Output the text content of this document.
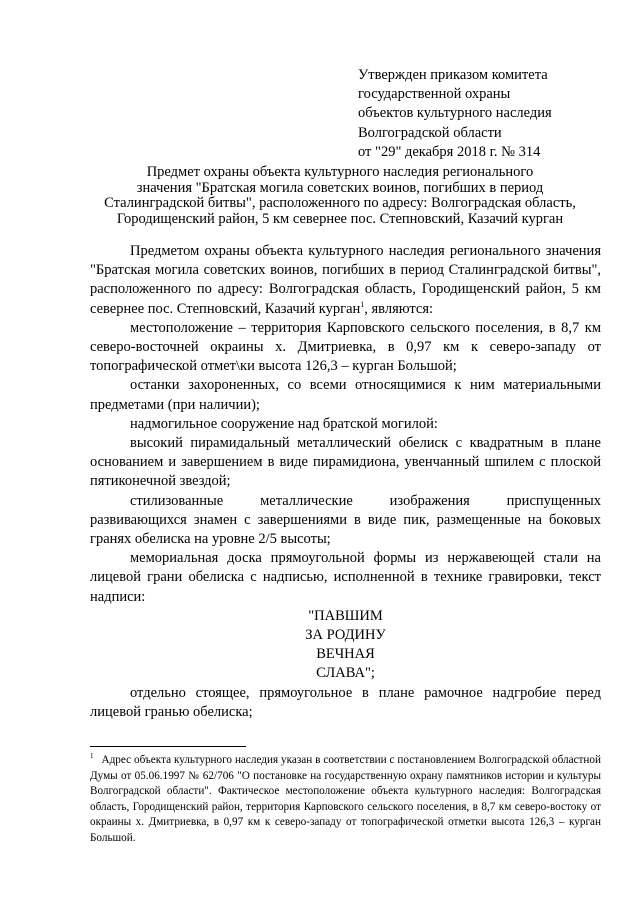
Утвержден приказом комитета
государственной охраны
объектов культурного наследия
Волгоградской области
от "29" декабря 2018 г. № 314
Предмет охраны объекта культурного наследия регионального
значения "Братская могила советских воинов, погибших в период
Сталинградской битвы", расположенного по адресу: Волгоградская область,
Городищенский район, 5 км севернее пос. Степновский, Казачий курган

Предметом охраны объекта культурного наследия регионального значения "Братская могила советских воинов, погибших в период Сталинградской битвы", расположенного по адресу: Волгоградская область, Городищенский район, 5 км севернее пос. Степновский, Казачий курган$^1$, являются:

местоположение – территория Карповского сельского поселения, в 8,7 км северо-восточней окраины х. Дмитриевка, в 0,97 км к северо-западу от топографической отмет\ки высота 126,3 – курган Большой;

останки захороненных, со всеми относящимися к ним материальными предметами (при наличии);

надмогильное сооружение над братской могилой:

высокий пирамидальный металлический обелиск с квадратным в плане основанием и завершением в виде пирамидиона, увенчанный шпилем с плоской пятиконечной звездой;

стилизованные металлические изображения приспущенных развивающихся знамен с завершениями в виде пик, размещенные на боковых гранях обелиска на уровне 2/5 высоты;

мемориальная доска прямоугольной формы из нержавеющей стали на лицевой грани обелиска с надписью, исполненной в технике гравировки, текст надписи:

"ПАВШИМ
ЗА РОДИНУ
ВЕЧНАЯ
СЛАВА";

отдельно стоящее, прямоугольное в плане рамочное надгробие перед лицевой гранью обелиска;

$^1$ Адрес объекта культурного наследия указан в соответствии с постановлением Волгоградской областной Думы от 05.06.1997 № 62/706 "О постановке на государственную охрану памятников истории и культуры Волгоградской области". Фактическое местоположение объекта культурного наследия: Волгоградская область, Городищенский район, территория Карповского сельского поселения, в 8,7 км северо-востоку от окраины х. Дмитриевка, в 0,97 км к северо-западу от топографической отметки высота 126,3 – курган Большой.
